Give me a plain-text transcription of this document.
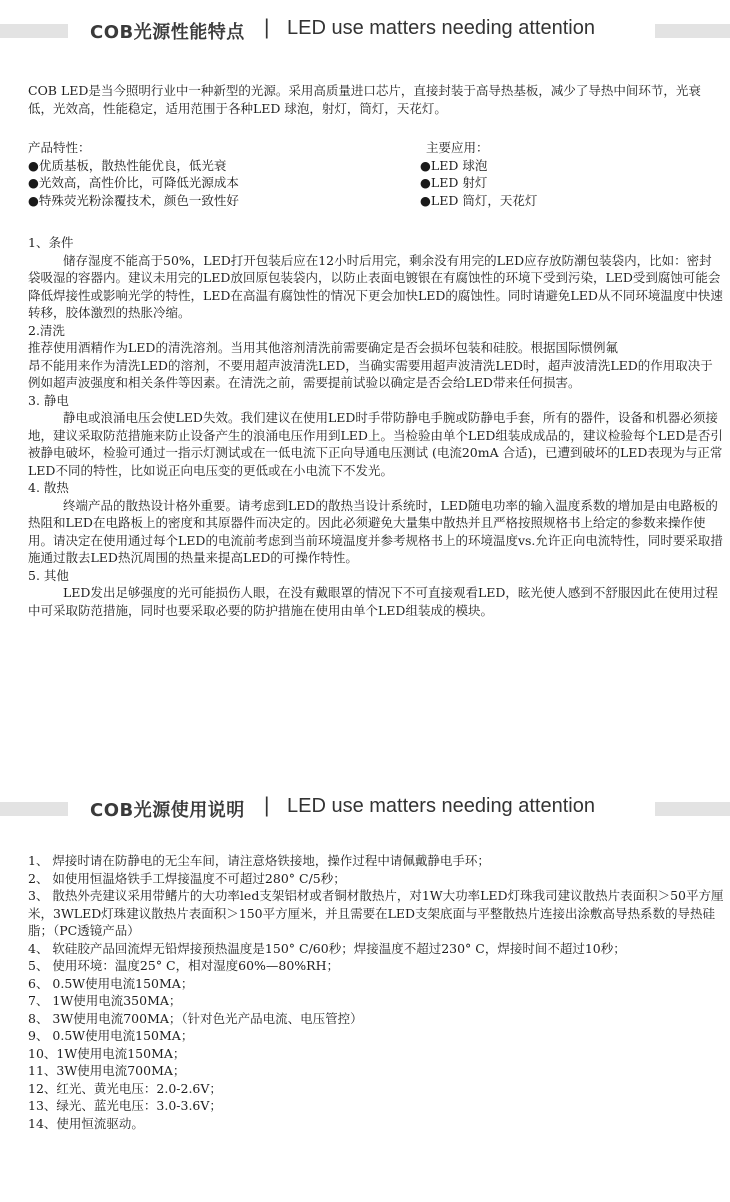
COB光源性能特点 | LED use matters needing attention

COB LED是当今照明行业中一种新型的光源。采用高质量进口芯片，直接封装于高导热基板，减少了导热中间环节，光衰低，光效高，性能稳定，适用范围于各种LED 球泡，射灯，筒灯，天花灯。

产品特性：
● 优质基板，散热性能优良，低光衰
● 光效高，高性价比，可降低光源成本
● 特殊荧光粉涂覆技术，颜色一致性好
主要应用：
● LED 球泡
● LED 射灯
● LED 筒灯，天花灯

1、条件

储存湿度不能高于50%，LED打开包装后应在12小时后用完，剩余没有用完的LED应存放防潮包装袋内，比如：密封袋吸湿的容器内。建议未用完的LED放回原包装袋内，以防止表面电镀银在有腐蚀性的环境下受到污染，LED受到腐蚀可能会降低焊接性或影响光学的特性，LED在高温有腐蚀性的情况下更会加快LED的腐蚀性。同时请避免LED从不同环境温度中快速转移，胶体激烈的热胀冷缩。

2.清洗

推荐使用酒精作为LED的清洗溶剂。当用其他溶剂清洗前需要确定是否会损坏包装和硅胶。根据国际惯例氟

昂不能用来作为清洗LED的溶剂，不要用超声波清洗LED，当确实需要用超声波清洗LED时，超声波清洗LED的作用取决于例如超声波强度和相关条件等因素。在清洗之前，需要提前试验以确定是否会给LED带来任何损害。

3. 静电

静电或浪涌电压会使LED失效。我们建议在使用LED时手带防静电手腕或防静电手套，所有的器件，设备和机器必须接地，建议采取防范措施来防止设备产生的浪涌电压作用到LED上。当检验由单个LED组装成成品的，建议检验每个LED是否引被静电破坏，检验可通过一指示灯测试或在一低电流下正向导通电压测试 (电流20mA 合适)，已遭到破坏的LED表现为与正常LED不同的特性，比如说正向电压变的更低或在小电流下不发光。

4. 散热

终端产品的散热设计格外重要。请考虑到LED的散热当设计系统时，LED随电功率的输入温度系数的增加是由电路板的热阻和LED在电路板上的密度和其原器件而决定的。因此必须避免大量集中散热并且严格按照规格书上给定的参数来操作使用。请决定在使用通过每个LED的电流前考虑到当前环境温度并参考规格书上的环境温度vs.允许正向电流特性，同时要采取措施通过散去LED热沉周围的热量来提高LED的可操作特性。

5. 其他

LED发出足够强度的光可能损伤人眼，在没有戴眼罩的情况下不可直接观看LED，眩光使人感到不舒服因此在使用过程中可采取防范措施，同时也要采取必要的防护措施在使用由单个LED组装成的模块。

COB光源使用说明 | LED use matters needing attention

1、 焊接时请在防静电的无尘车间，请注意烙铁接地，操作过程中请佩戴静电手环；

2、 如使用恒温烙铁手工焊接温度不可超过280° C/5秒；

3、 散热外壳建议采用带鳍片的大功率led支架铝材或者铜材散热片，对1W大功率LED灯珠我司建议散热片表面积＞50平方厘米，3WLED灯珠建议散热片表面积＞150平方厘米，并且需要在LED支架底面与平整散热片连接出涂敷高导热系数的导热硅脂；（PC透镜产品）

4、 软硅胶产品回流焊无铅焊接预热温度是150° C/60秒；焊接温度不超过230° C，焊接时间不超过10秒；

5、 使用环境：温度25° C，相对湿度60%—80%RH；

6、 0.5W使用电流150MA；

7、 1W使用电流350MA；

8、 3W使用电流700MA；（针对色光产品电流、电压管控）

9、 0.5W使用电流150MA；

10、1W使用电流150MA；

11、3W使用电流700MA；

12、红光、黄光电压：2.0-2.6V；

13、绿光、蓝光电压：3.0-3.6V；

14、使用恒流驱动。
